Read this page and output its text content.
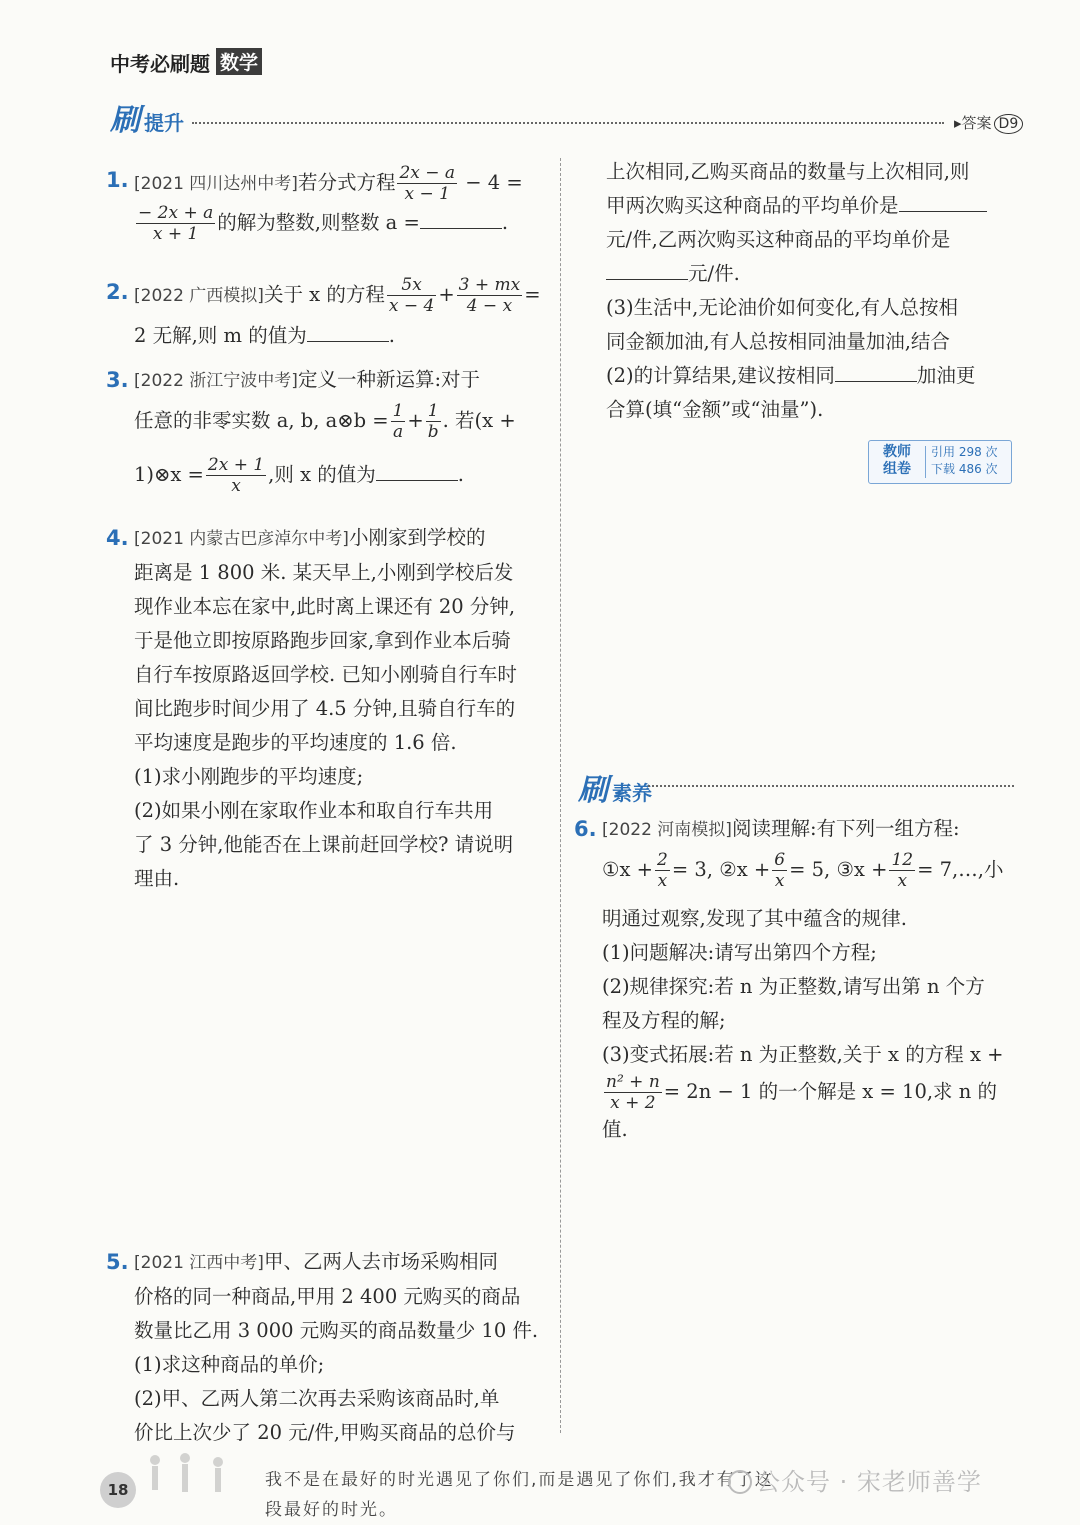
中考必刷题 数学
刷提升	▸答案 D9
1. [2021 四川达州中考]若分式方程 $\frac{2x - a}{x - 1} - 4$ =
$\frac{- 2x + a}{x + 1}$ 的解为整数,则整数 a =	.
2. [2022 广西模拟]关于 x 的方程 $\frac{5x}{x - 4} + \frac{3 + mx}{4 - x}$ =
2 无解,则 m 的值为	.
3. [2022 浙江宁波中考]定义一种新运算:对于
任意的非零实数 a, b, a⊗b = $\frac{1}{a} + \frac{1}{b}$ . 若(x +
1)⊗x = $\frac{2x + 1}{x}$ ,则 x 的值为	.
4. [2021 内蒙古巴彦淖尔中考]小刚家到学校的
距离是 1 800 米. 某天早上,小刚到学校后发
现作业本忘在家中,此时离上课还有 20 分钟,
于是他立即按原路跑步回家,拿到作业本后骑
自行车按原路返回学校. 已知小刚骑自行车时
间比跑步时间少用了 4.5 分钟,且骑自行车的
平均速度是跑步的平均速度的 1.6 倍.
(1)求小刚跑步的平均速度;
(2)如果小刚在家取作业本和取自行车共用
了 3 分钟,他能否在上课前赶回学校? 请说明
理由.
5. [2021 江西中考]甲、乙两人去市场采购相同
价格的同一种商品,甲用 2 400 元购买的商品
数量比乙用 3 000 元购买的商品数量少 10 件.
(1)求这种商品的单价;
(2)甲、乙两人第二次再去采购该商品时,单
价比上次少了 20 元/件,甲购买商品的总价与
上次相同,乙购买商品的数量与上次相同,则
甲两次购买这种商品的平均单价是
元/件,乙两次购买这种商品的平均单价是
元/件.
(3)生活中,无论油价如何变化,有人总按相
同金额加油,有人总按相同油量加油,结合
(2)的计算结果,建议按相同	加油更
合算(填“金额”或“油量”).
教师
组卷
引用 298 次
下载 486 次
刷素养
6. [2022 河南模拟]阅读理解:有下列一组方程:
①x + $\frac{2}{x} = 3$, ②x + $\frac{6}{x} = 5$, ③x + $\frac{12}{x}$ = 7,…,小
明通过观察,发现了其中蕴含的规律.
(1)问题解决:请写出第四个方程;
(2)规律探究:若 n 为正整数,请写出第 n 个方
程及方程的解;
(3)变式拓展:若 n 为正整数,关于 x 的方程 x +
$\frac{\text{n² + n}}{x + 2} = 2n - 1$ 的一个解是 x = 10,求 n 的值.
18	我不是在最好的时光遇见了你们,而是遇见了你们,我才有了这段最好的时光。
公众号 · 宋老师善学
